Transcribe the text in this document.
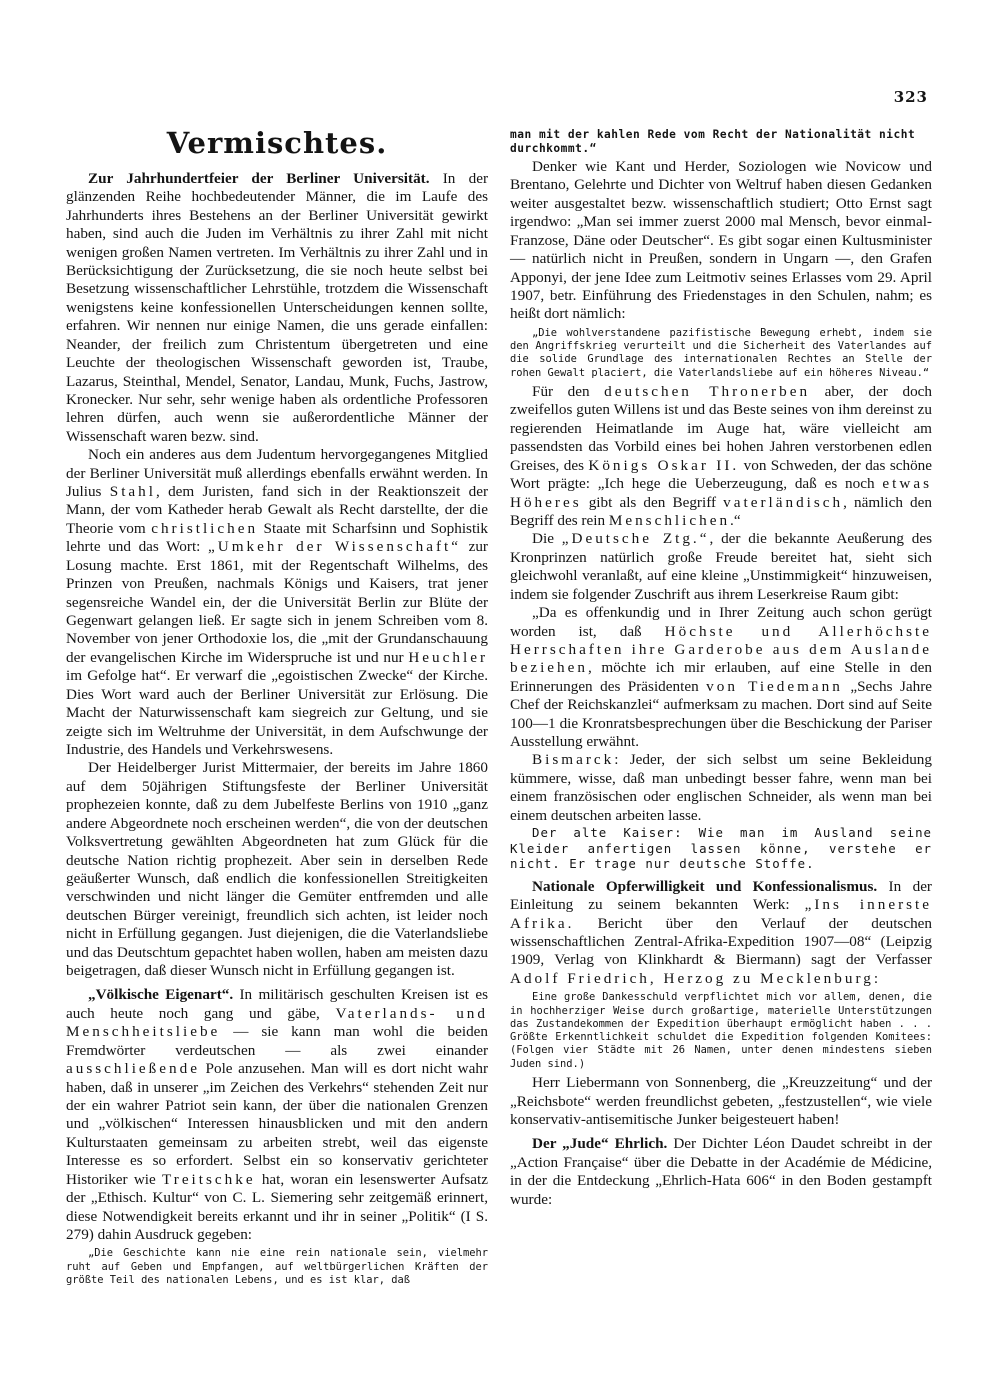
323
Vermischtes.

Zur Jahrhundertfeier der Berliner Universität. In der glänzenden Reihe hochbedeutender Männer, die im Laufe des Jahrhunderts ihres Bestehens an der Berliner Universität gewirkt haben, sind auch die Juden im Verhältnis zu ihrer Zahl mit nicht wenigen großen Namen vertreten. Im Verhältnis zu ihrer Zahl und in Berücksichtigung der Zurücksetzung, die sie noch heute selbst bei Besetzung wissenschaftlicher Lehrstühle, trotzdem die Wissenschaft wenigstens keine konfessionellen Unterscheidungen kennen sollte, erfahren. Wir nennen nur einige Namen, die uns gerade einfallen: Neander, der freilich zum Christentum übergetreten und eine Leuchte der theologischen Wissenschaft geworden ist, Traube, Lazarus, Steinthal, Mendel, Senator, Landau, Munk, Fuchs, Jastrow, Kronecker. Nur sehr, sehr wenige haben als ordentliche Professoren lehren dürfen, auch wenn sie außerordentliche Männer der Wissenschaft waren bezw. sind.

Noch ein anderes aus dem Judentum hervorgegangenes Mitglied der Berliner Universität muß allerdings ebenfalls erwähnt werden. In Julius Stahl, dem Juristen, fand sich in der Reaktionszeit der Mann, der vom Katheder herab Gewalt als Recht darstellte, der die Theorie vom christlichen Staate mit Scharfsinn und Sophistik lehrte und das Wort: „Umkehr der Wissenschaft“ zur Losung machte. Erst 1861, mit der Regentschaft Wilhelms, des Prinzen von Preußen, nachmals Königs und Kaisers, trat jener segensreiche Wandel ein, der die Universität Berlin zur Blüte der Gegenwart gelangen ließ. Er sagte sich in jenem Schreiben vom 8. November von jener Orthodoxie los, die „mit der Grundanschauung der evangelischen Kirche im Widerspruche ist und nur Heuchler im Gefolge hat“. Er verwarf die „egoistischen Zwecke“ der Kirche. Dies Wort ward auch der Berliner Universität zur Erlösung. Die Macht der Naturwissenschaft kam siegreich zur Geltung, und sie zeigte sich im Weltruhme der Universität, in dem Aufschwunge der Industrie, des Handels und Verkehrswesens.

Der Heidelberger Jurist Mittermaier, der bereits im Jahre 1860 auf dem 50jährigen Stiftungsfeste der Berliner Universität prophezeien konnte, daß zu dem Jubelfeste Berlins von 1910 „ganz andere Abgeordnete noch erscheinen werden“, die von der deutschen Volksvertretung gewählten Abgeordneten hat zum Glück für die deutsche Nation richtig prophezeit. Aber sein in derselben Rede geäußerter Wunsch, daß endlich die konfessionellen Streitigkeiten verschwinden und nicht länger die Gemüter entfremden und alle deutschen Bürger vereinigt, freundlich sich achten, ist leider noch nicht in Erfüllung gegangen. Just diejenigen, die die Vaterlandsliebe und das Deutschtum gepachtet haben wollen, haben am meisten dazu beigetragen, daß dieser Wunsch nicht in Erfüllung gegangen ist.

„Völkische Eigenart“. In militärisch geschulten Kreisen ist es auch heute noch gang und gäbe, Vaterlands- und Menschheitsliebe — sie kann man wohl die beiden Fremdwörter verdeutschen — als zwei einander ausschließende Pole anzusehen. Man will es dort nicht wahr haben, daß in unserer „im Zeichen des Verkehrs“ stehenden Zeit nur der ein wahrer Patriot sein kann, der über die nationalen Grenzen und „völkischen“ Interessen hinausblicken und mit den andern Kulturstaaten gemeinsam zu arbeiten strebt, weil das eigenste Interesse es so erfordert. Selbst ein so konservativ gerichteter Historiker wie Treitschke hat, woran ein lesenswerter Aufsatz der „Ethisch. Kultur“ von C. L. Siemering sehr zeitgemäß erinnert, diese Notwendigkeit bereits erkannt und ihr in seiner „Politik“ (I S. 279) dahin Ausdruck gegeben:

„Die Geschichte kann nie eine rein nationale sein, vielmehr ruht auf Geben und Empfangen, auf weltbürgerlichen Kräften der größte Teil des nationalen Lebens, und es ist klar, daß
man mit der kahlen Rede vom Recht der Nationalität nicht durchkommt.“

Denker wie Kant und Herder, Soziologen wie Novicow und Brentano, Gelehrte und Dichter von Weltruf haben diesen Gedanken weiter ausgestaltet bezw. wissenschaftlich studiert; Otto Ernst sagt irgendwo: „Man sei immer zuerst 2000 mal Mensch, bevor einmal-Franzose, Däne oder Deutscher“. Es gibt sogar einen Kultusminister — natürlich nicht in Preußen, sondern in Ungarn —, den Grafen Apponyi, der jene Idee zum Leitmotiv seines Erlasses vom 29. April 1907, betr. Einführung des Friedenstages in den Schulen, nahm; es heißt dort nämlich:

„Die wohlverstandene pazifistische Bewegung erhebt, indem sie den Angriffskrieg verurteilt und die Sicherheit des Vaterlandes auf die solide Grundlage des internationalen Rechtes an Stelle der rohen Gewalt placiert, die Vaterlandsliebe auf ein höheres Niveau.“

Für den deutschen Thronerben aber, der doch zweifellos guten Willens ist und das Beste seines von ihm dereinst zu regierenden Heimatlande im Auge hat, wäre vielleicht am passendsten das Vorbild eines bei hohen Jahren verstorbenen edlen Greises, des Königs Oskar II. von Schweden, der das schöne Wort prägte: „Ich hege die Ueberzeugung, daß es noch etwas Höheres gibt als den Begriff vaterländisch, nämlich den Begriff des rein Menschlichen.“

Die „Deutsche Ztg.“, der die bekannte Aeußerung des Kronprinzen natürlich große Freude bereitet hat, sieht sich gleichwohl veranlaßt, auf eine kleine „Unstimmigkeit“ hinzuweisen, indem sie folgender Zuschrift aus ihrem Leserkreise Raum gibt:

„Da es offenkundig und in Ihrer Zeitung auch schon gerügt worden ist, daß Höchste und Allerhöchste Herrschaften ihre Garderobe aus dem Auslande beziehen, möchte ich mir erlauben, auf eine Stelle in den Erinnerungen des Präsidenten von Tiedemann „Sechs Jahre Chef der Reichskanzlei“ aufmerksam zu machen. Dort sind auf Seite 100—1 die Kronratsbesprechungen über die Beschickung der Pariser Ausstellung erwähnt.

Bismarck: Jeder, der sich selbst um seine Bekleidung kümmere, wisse, daß man unbedingt besser fahre, wenn man bei einem französischen oder englischen Schneider, als wenn man bei einem deutschen arbeiten lasse.

Der alte Kaiser: Wie man im Ausland seine Kleider anfertigen lassen könne, verstehe er nicht. Er trage nur deutsche Stoffe.

Nationale Opferwilligkeit und Konfessionalismus. In der Einleitung zu seinem bekannten Werk: „Ins innerste Afrika. Bericht über den Verlauf der deutschen wissenschaftlichen Zentral-Afrika-Expedition 1907—08“ (Leipzig 1909, Verlag von Klinkhardt & Biermann) sagt der Verfasser Adolf Friedrich, Herzog zu Mecklenburg:

Eine große Dankesschuld verpflichtet mich vor allem, denen, die in hochherziger Weise durch großartige, materielle Unterstützungen das Zustandekommen der Expedition überhaupt ermöglicht haben . . . Größte Erkenntlichkeit schuldet die Expedition folgenden Komitees: (Folgen vier Städte mit 26 Namen, unter denen mindestens sieben Juden sind.)

Herr Liebermann von Sonnenberg, die „Kreuzzeitung“ und der „Reichsbote“ werden freundlichst gebeten, „festzustellen“, wie viele konservativ-antisemitische Junker beigesteuert haben!

Der „Jude“ Ehrlich. Der Dichter Léon Daudet schreibt in der „Action Française“ über die Debatte in der Académie de Médicine, in der die Entdeckung „Ehrlich-Hata 606“ in den Boden gestampft wurde:
